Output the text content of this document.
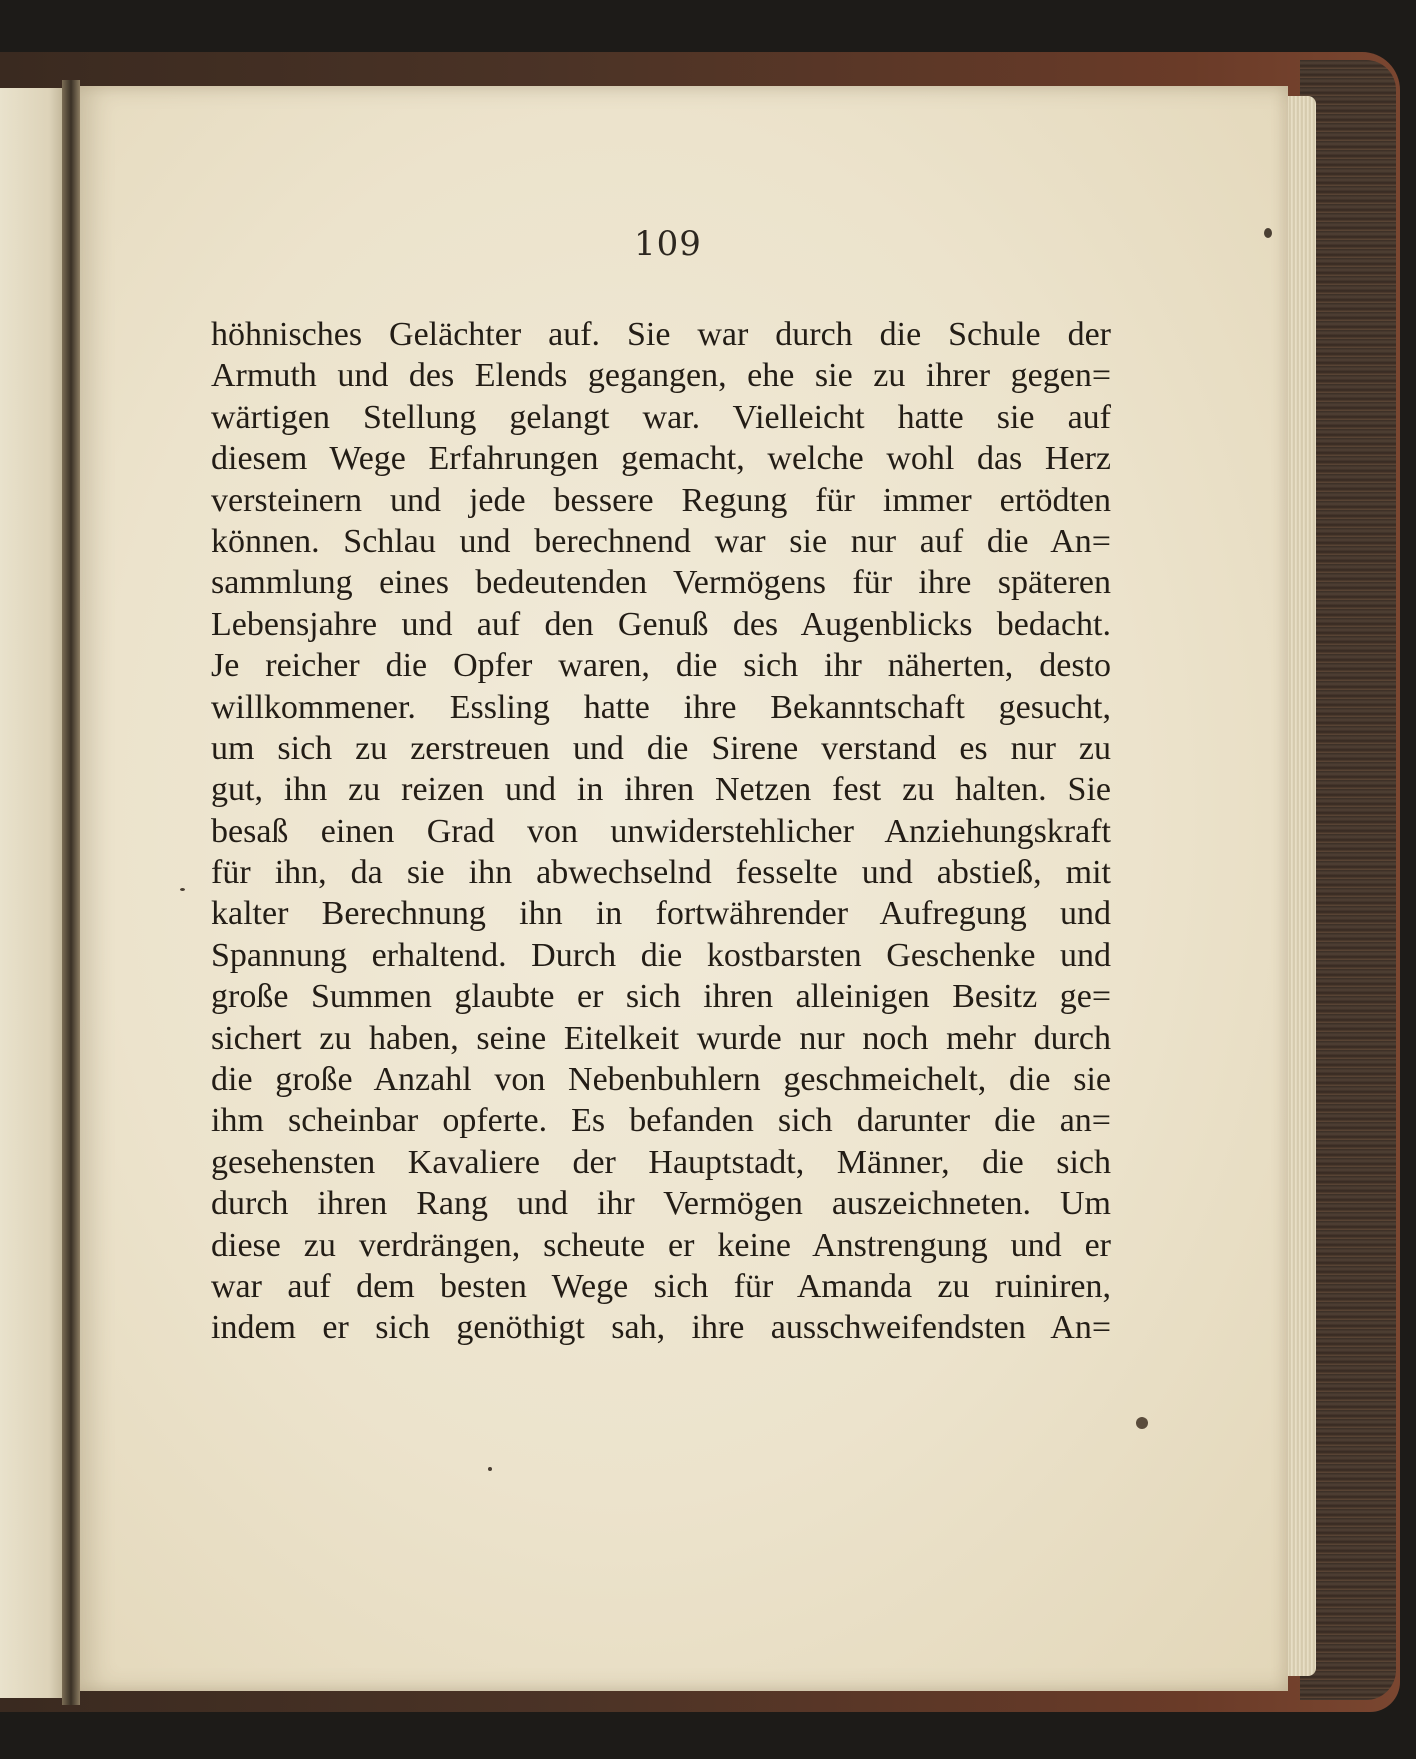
109
höhnisches Gelächter auf. Sie war durch die Schule der
Armuth und des Elends gegangen, ehe sie zu ihrer gegen=
wärtigen Stellung gelangt war. Vielleicht hatte sie auf
diesem Wege Erfahrungen gemacht, welche wohl das Herz
versteinern und jede bessere Regung für immer ertödten
können. Schlau und berechnend war sie nur auf die An=
sammlung eines bedeutenden Vermögens für ihre späteren
Lebensjahre und auf den Genuß des Augenblicks bedacht.
Je reicher die Opfer waren, die sich ihr näherten, desto
willkommener. Essling hatte ihre Bekanntschaft gesucht,
um sich zu zerstreuen und die Sirene verstand es nur zu
gut, ihn zu reizen und in ihren Netzen fest zu halten. Sie
besaß einen Grad von unwiderstehlicher Anziehungskraft
für ihn, da sie ihn abwechselnd fesselte und abstieß, mit
kalter Berechnung ihn in fortwährender Aufregung und
Spannung erhaltend. Durch die kostbarsten Geschenke und
große Summen glaubte er sich ihren alleinigen Besitz ge=
sichert zu haben, seine Eitelkeit wurde nur noch mehr durch
die große Anzahl von Nebenbuhlern geschmeichelt, die sie
ihm scheinbar opferte. Es befanden sich darunter die an=
gesehensten Kavaliere der Hauptstadt, Männer, die sich
durch ihren Rang und ihr Vermögen auszeichneten. Um
diese zu verdrängen, scheute er keine Anstrengung und er
war auf dem besten Wege sich für Amanda zu ruiniren,
indem er sich genöthigt sah, ihre ausschweifendsten An=
